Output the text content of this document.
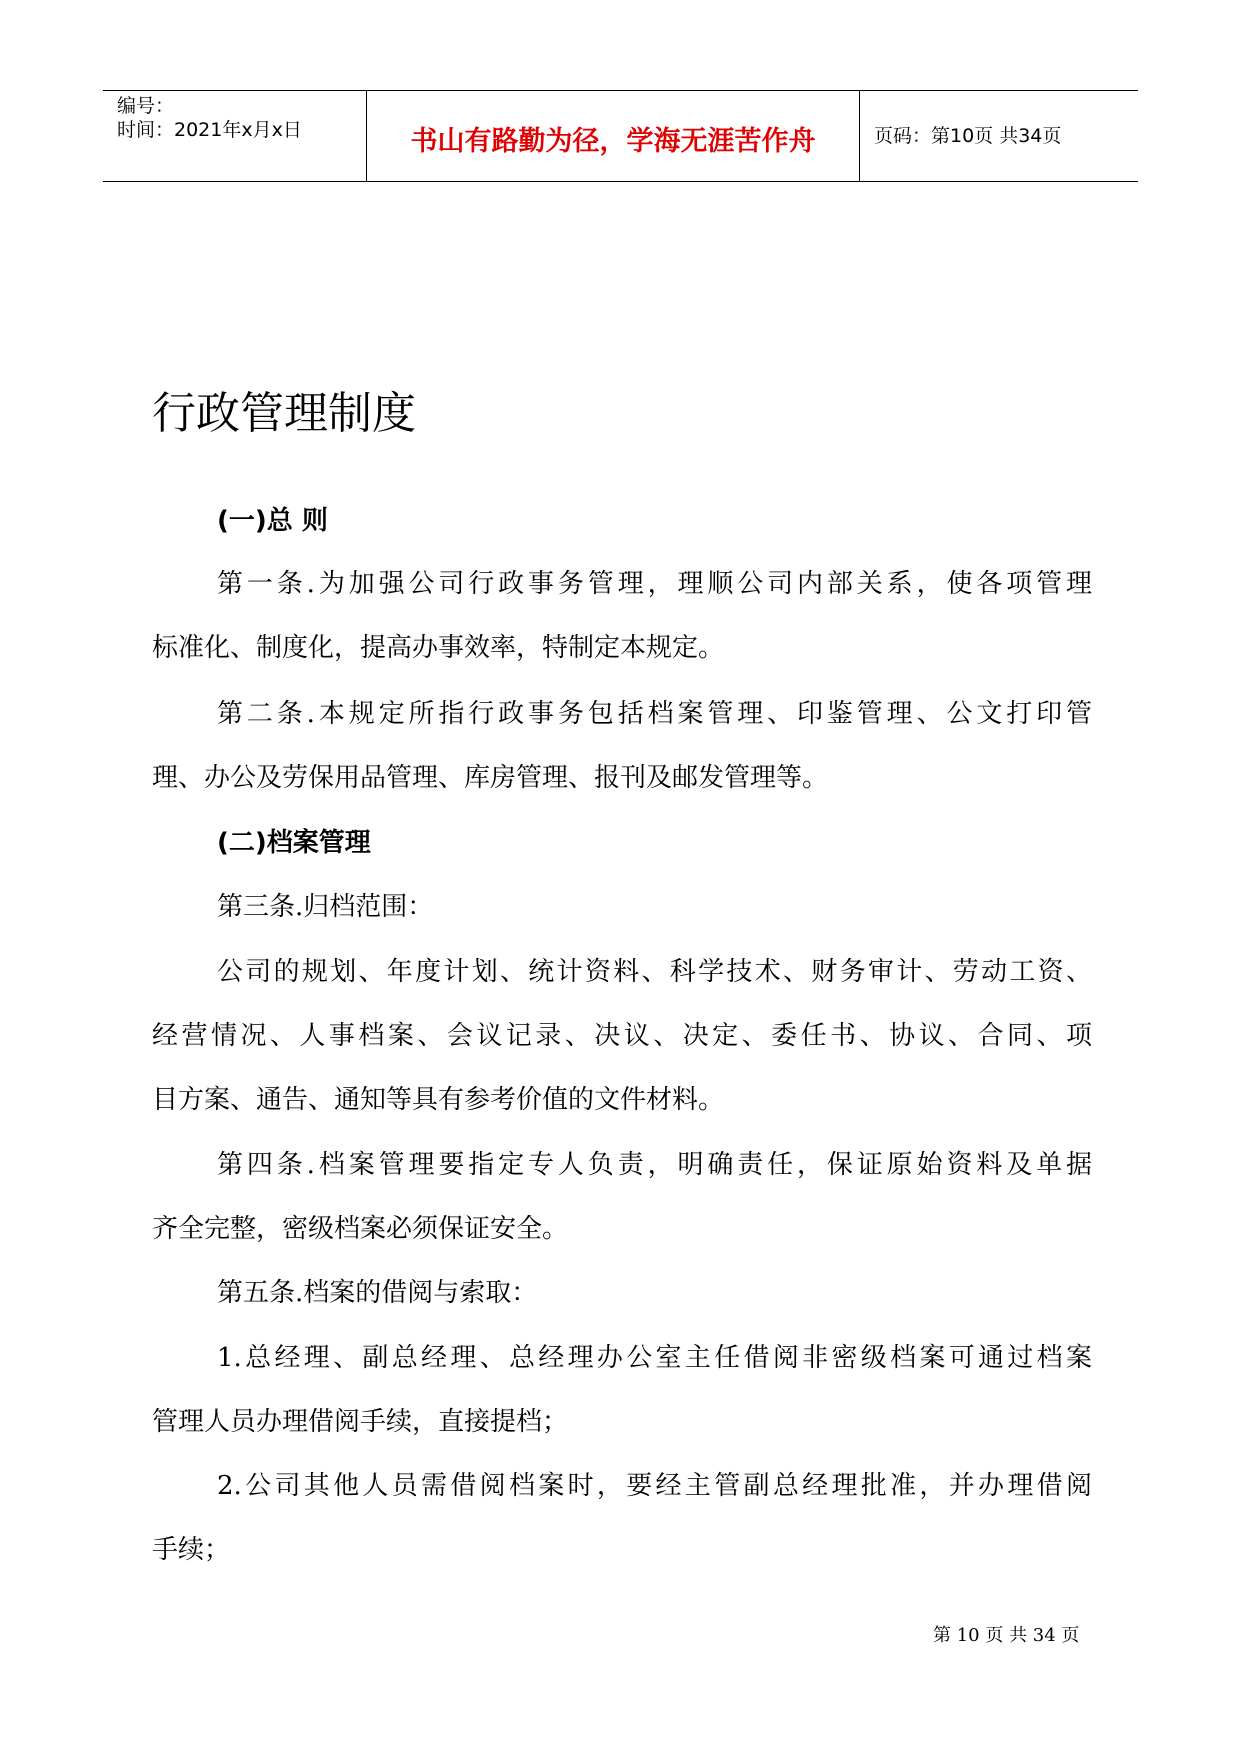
编号：
时间：2021年x月x日	书山有路勤为径，学海无涯苦作舟	页码：第10页 共34页
行政管理制度
(一)总 则
第一条.为加强公司行政事务管理，理顺公司内部关系，使各项管理
标准化、制度化，提高办事效率，特制定本规定。
第二条.本规定所指行政事务包括档案管理、印鉴管理、公文打印管
理、办公及劳保用品管理、库房管理、报刊及邮发管理等。
(二)档案管理
第三条.归档范围：
公司的规划、年度计划、统计资料、科学技术、财务审计、劳动工资、
经营情况、人事档案、会议记录、决议、决定、委任书、协议、合同、项
目方案、通告、通知等具有参考价值的文件材料。
第四条.档案管理要指定专人负责，明确责任，保证原始资料及单据
齐全完整，密级档案必须保证安全。
第五条.档案的借阅与索取：
1.总经理、副总经理、总经理办公室主任借阅非密级档案可通过档案
管理人员办理借阅手续，直接提档；
2.公司其他人员需借阅档案时，要经主管副总经理批准，并办理借阅
手续；
第 10 页 共 34 页
